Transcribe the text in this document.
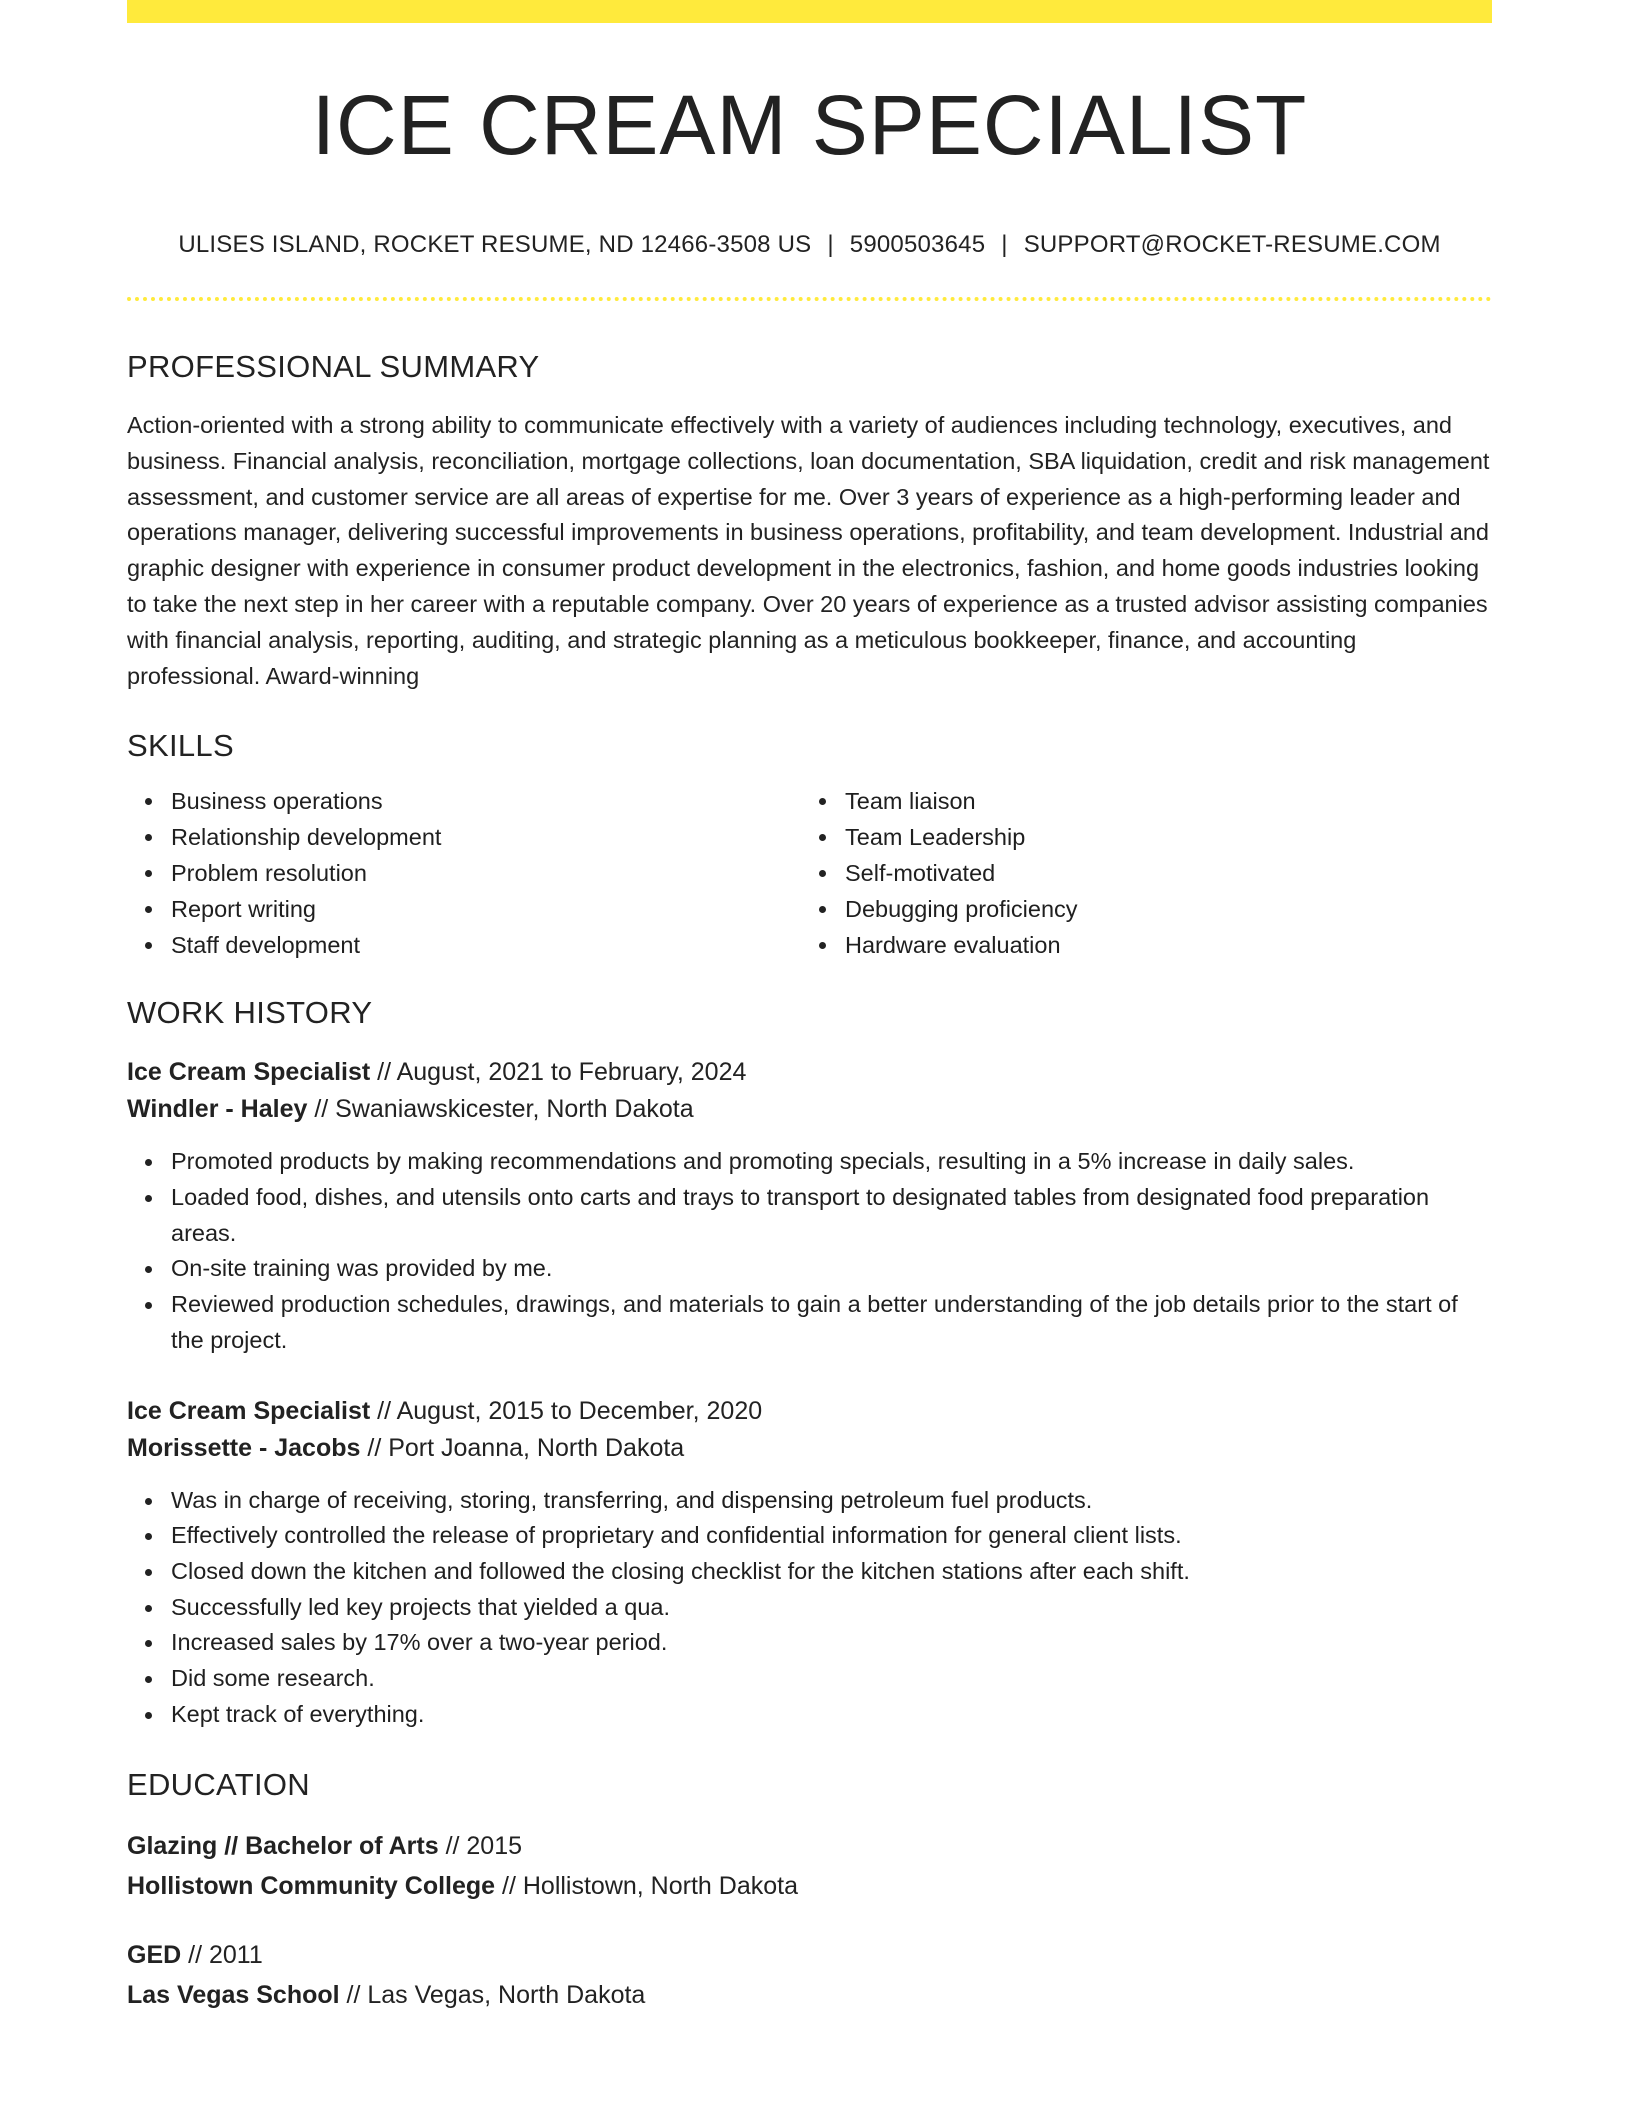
ICE CREAM SPECIALIST
ULISES ISLAND, ROCKET RESUME, ND 12466-3508 US | 5900503645 | SUPPORT@ROCKET-RESUME.COM
PROFESSIONAL SUMMARY

Action-oriented with a strong ability to communicate effectively with a variety of audiences including technology, executives, and business. Financial analysis, reconciliation, mortgage collections, loan documentation, SBA liquidation, credit and risk management assessment, and customer service are all areas of expertise for me. Over 3 years of experience as a high-performing leader and operations manager, delivering successful improvements in business operations, profitability, and team development. Industrial and graphic designer with experience in consumer product development in the electronics, fashion, and home goods industries looking to take the next step in her career with a reputable company. Over 20 years of experience as a trusted advisor assisting companies with financial analysis, reporting, auditing, and strategic planning as a meticulous bookkeeper, finance, and accounting professional. Award-winning

SKILLS
Business operations
Relationship development
Problem resolution
Report writing
Staff development
Team liaison
Team Leadership
Self-motivated
Debugging proficiency
Hardware evaluation
WORK HISTORY
Ice Cream Specialist // August, 2021 to February, 2024
Windler - Haley // Swaniawskicester, North Dakota
Promoted products by making recommendations and promoting specials, resulting in a 5% increase in daily sales.
Loaded food, dishes, and utensils onto carts and trays to transport to designated tables from designated food preparation areas.
On-site training was provided by me.
Reviewed production schedules, drawings, and materials to gain a better understanding of the job details prior to the start of the project.
Ice Cream Specialist // August, 2015 to December, 2020
Morissette - Jacobs // Port Joanna, North Dakota
Was in charge of receiving, storing, transferring, and dispensing petroleum fuel products.
Effectively controlled the release of proprietary and confidential information for general client lists.
Closed down the kitchen and followed the closing checklist for the kitchen stations after each shift.
Successfully led key projects that yielded a qua.
Increased sales by 17% over a two-year period.
Did some research.
Kept track of everything.
EDUCATION
Glazing // Bachelor of Arts // 2015
Hollistown Community College // Hollistown, North Dakota
GED // 2011
Las Vegas School // Las Vegas, North Dakota
